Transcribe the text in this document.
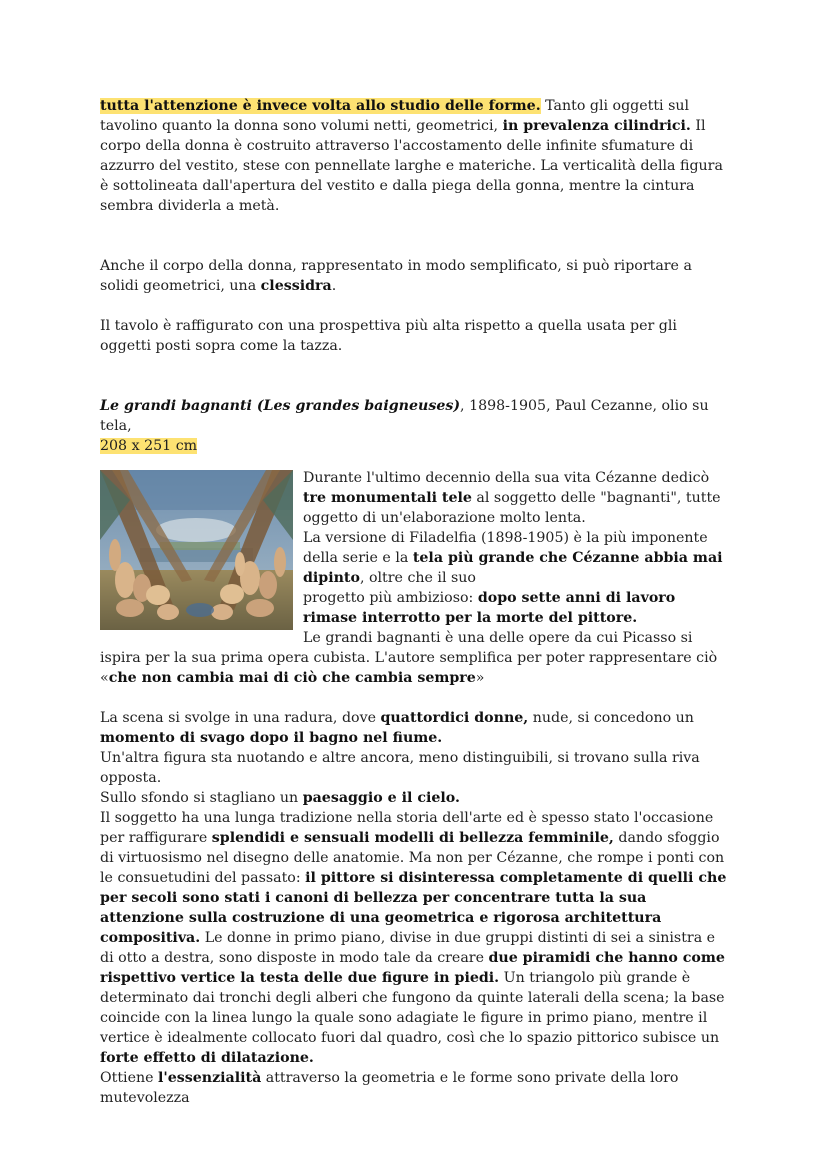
tutta l'attenzione è invece volta allo studio delle forme. Tanto gli oggetti sul tavolino quanto la donna sono volumi netti, geometrici, in prevalenza cilindrici. Il corpo della donna è costruito attraverso l'accostamento delle infinite sfumature di azzurro del vestito, stese con pennellate larghe e materiche. La verticalità della figura è sottolineata dall'apertura del vestito e dalla piega della gonna, mentre la cintura sembra dividerla a metà.

Anche il corpo della donna, rappresentato in modo semplificato, si può riportare a solidi geometrici, una clessidra.

Il tavolo è raffigurato con una prospettiva più alta rispetto a quella usata per gli oggetti posti sopra come la tazza.

Le grandi bagnanti (Les grandes baigneuses), 1898-1905, Paul Cezanne, olio su tela,
208 x 251 cm

Durante l'ultimo decennio della sua vita Cézanne dedicò tre monumentali tele al soggetto delle "bagnanti", tutte oggetto di un'elaborazione molto lenta.
La versione di Filadelfia (1898-1905) è la più imponente della serie e la tela più grande che Cézanne abbia mai dipinto, oltre che il suo
progetto più ambizioso: dopo sette anni di lavoro rimase interrotto per la morte del pittore.
Le grandi bagnanti è una delle opere da cui Picasso si ispira per la sua prima opera cubista. L'autore semplifica per poter rappresentare ciò «che non cambia mai di ciò che cambia sempre»

La scena si svolge in una radura, dove quattordici donne, nude, si concedono un momento di svago dopo il bagno nel fiume.
Un'altra figura sta nuotando e altre ancora, meno distinguibili, si trovano sulla riva opposta.
Sullo sfondo si stagliano un paesaggio e il cielo.
Il soggetto ha una lunga tradizione nella storia dell'arte ed è spesso stato l'occasione per raffigurare splendidi e sensuali modelli di bellezza femminile, dando sfoggio di virtuosismo nel disegno delle anatomie. Ma non per Cézanne, che rompe i ponti con le consuetudini del passato: il pittore si disinteressa completamente di quelli che per secoli sono stati i canoni di bellezza per concentrare tutta la sua attenzione sulla costruzione di una geometrica e rigorosa architettura compositiva. Le donne in primo piano, divise in due gruppi distinti di sei a sinistra e di otto a destra, sono disposte in modo tale da creare due piramidi che hanno come rispettivo vertice la testa delle due figure in piedi. Un triangolo più grande è determinato dai tronchi degli alberi che fungono da quinte laterali della scena; la base coincide con la linea lungo la quale sono adagiate le figure in primo piano, mentre il vertice è idealmente collocato fuori dal quadro, così che lo spazio pittorico subisce un forte effetto di dilatazione.
Ottiene l'essenzialità attraverso la geometria e le forme sono private della loro mutevolezza
